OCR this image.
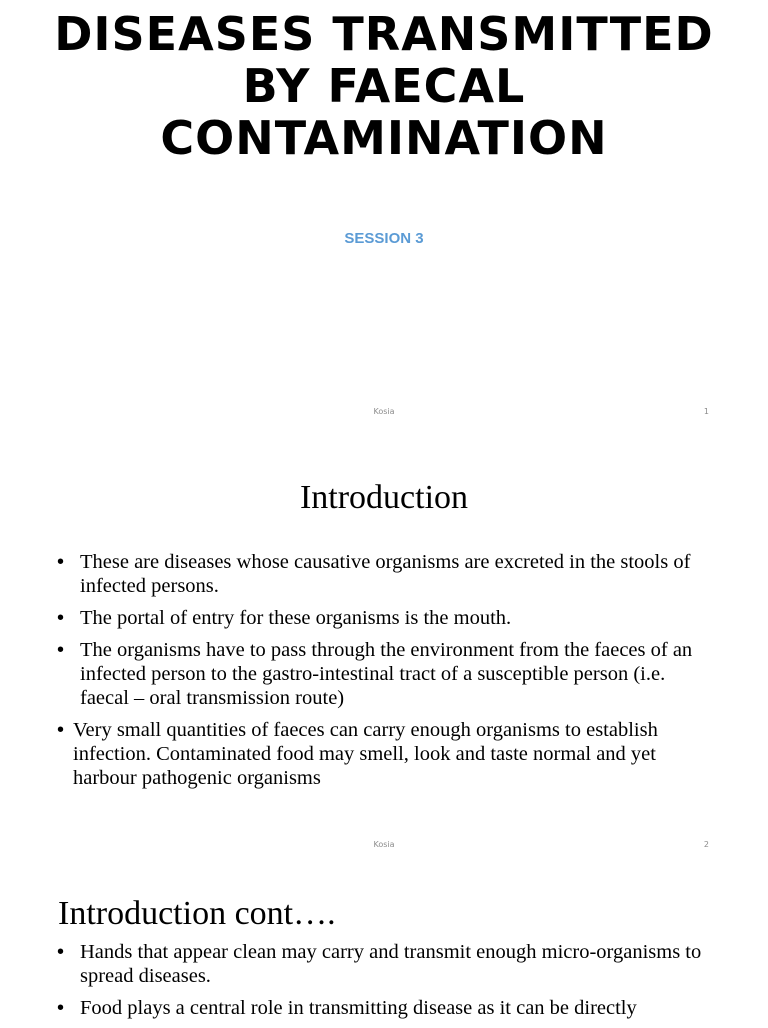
DISEASES TRANSMITTED BY FAECAL CONTAMINATION
SESSION 3
Kosia	1
Introduction
• These are diseases whose causative organisms are excreted in the stools of infected persons.
• The portal of entry for these organisms is the mouth.
• The organisms have to pass through the environment from the faeces of an infected person to the gastro-intestinal tract of a susceptible person (i.e. faecal – oral transmission route)
• Very small quantities of faeces can carry enough organisms to establish infection. Contaminated food may smell, look and taste normal and yet harbour pathogenic organisms
Kosia	2
Introduction cont….
• Hands that appear clean may carry and transmit enough micro-organisms to spread diseases.
• Food plays a central role in transmitting disease as it can be directly
